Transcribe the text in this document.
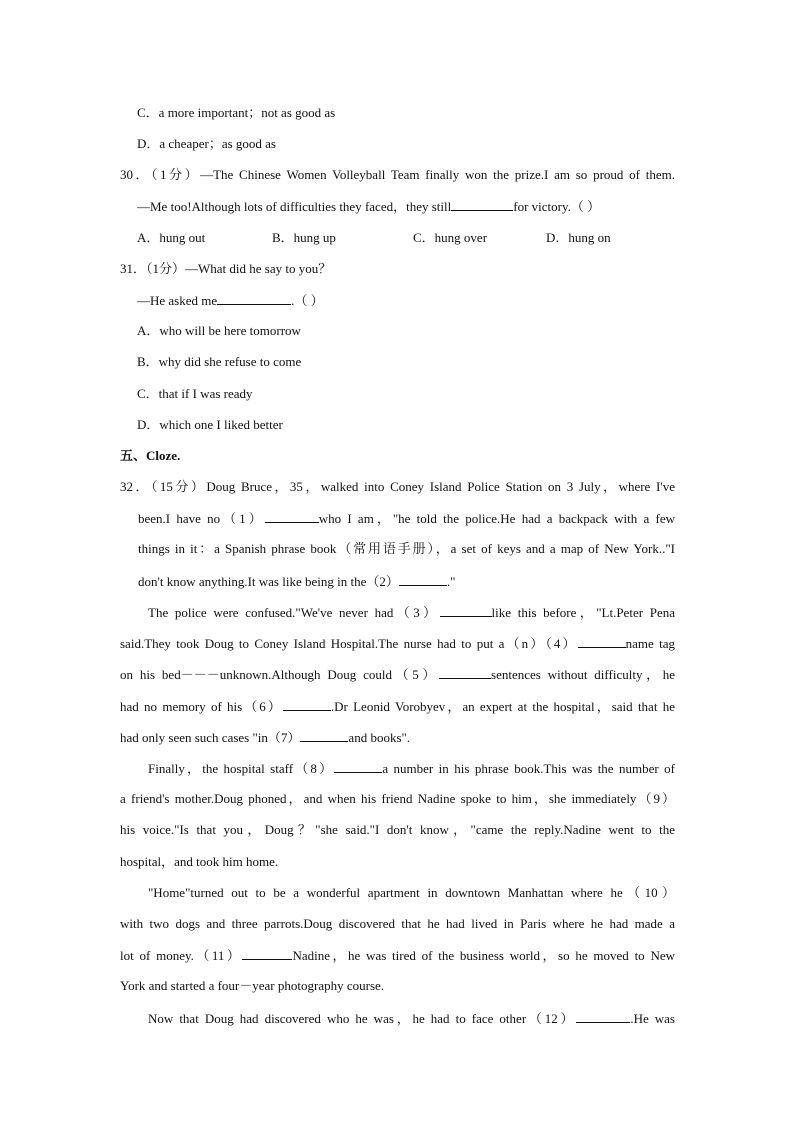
C．a more important；not as good as
D．a cheaper；as good as
30．（1分）—The Chinese Women Volleyball Team finally won the prize.I am so proud of them.
—Me too!Although lots of difficulties they faced，they still	for victory.（ ）
A．hung out	B．hung up	C．hung over	D．hung on
31．（1分）—What did he say to you？
—He asked me	.（ ）
A．who will be here tomorrow
B．why did she refuse to come
C．that if I was ready
D．which one I liked better
五、Cloze.
32．（15分）Doug Bruce，35，walked into Coney Island Police Station on 3 July，where I've
been.I have no（1）	who I am，"he told the police.He had a backpack with a few
things in it：a Spanish phrase book（常用语手册），a set of keys and a map of New York.."I
don't know anything.It was like being in the（2）	."
The police were confused."We've never had（3）	like this before，"Lt.Peter Pena
said.They took Doug to Coney Island Hospital.The nurse had to put a（n）（4）	name tag
on his bed－－－unknown.Although Doug could（5）	sentences without difficulty，he
had no memory of his（6）	.Dr Leonid Vorobyev，an expert at the hospital，said that he
had only seen such cases "in（7）	and books".
Finally，the hospital staff（8）	a number in his phrase book.This was the number of
a friend's mother.Doug phoned，and when his friend Nadine spoke to him，she immediately（9）
his voice."Is that you，Doug？"she said."I don't know，"came the reply.Nadine went to the
hospital，and took him home.
"Home"turned out to be a wonderful apartment in downtown Manhattan where he（10）
with two dogs and three parrots.Doug discovered that he had lived in Paris where he had made a
lot of money.（11）	Nadine，he was tired of the business world，so he moved to New
York and started a four－year photography course.
Now that Doug had discovered who he was，he had to face other（12）	.He was
